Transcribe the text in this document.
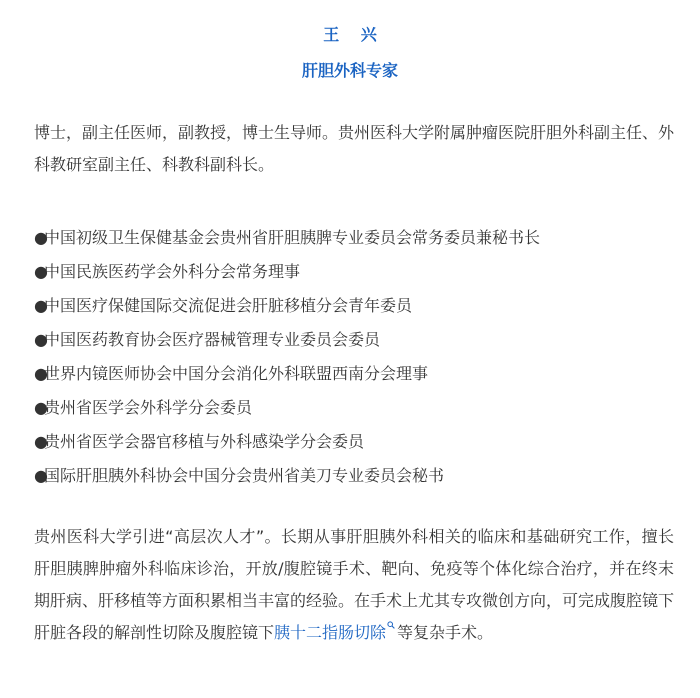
王 兴
肝胆外科专家

博士，副主任医师，副教授，博士生导师。贵州医科大学附属肿瘤医院肝胆外科副主任、外科教研室副主任、科教科副科长。

●中国初级卫生保健基金会贵州省肝胆胰脾专业委员会常务委员兼秘书长
●中国民族医药学会外科分会常务理事
●中国医疗保健国际交流促进会肝脏移植分会青年委员
●中国医药教育协会医疗器械管理专业委员会委员
●世界内镜医师协会中国分会消化外科联盟西南分会理事
●贵州省医学会外科学分会委员
●贵州省医学会器官移植与外科感染学分会委员
●国际肝胆胰外科协会中国分会贵州省美刀专业委员会秘书

贵州医科大学引进“高层次人才”。长期从事肝胆胰外科相关的临床和基础研究工作，擅长肝胆胰脾肿瘤外科临床诊治，开放/腹腔镜手术、靶向、免疫等个体化综合治疗，并在终末期肝病、肝移植等方面积累相当丰富的经验。在手术上尤其专攻微创方向，可完成腹腔镜下肝脏各段的解剖性切除及腹腔镜下胰十二指肠切除 等复杂手术。
